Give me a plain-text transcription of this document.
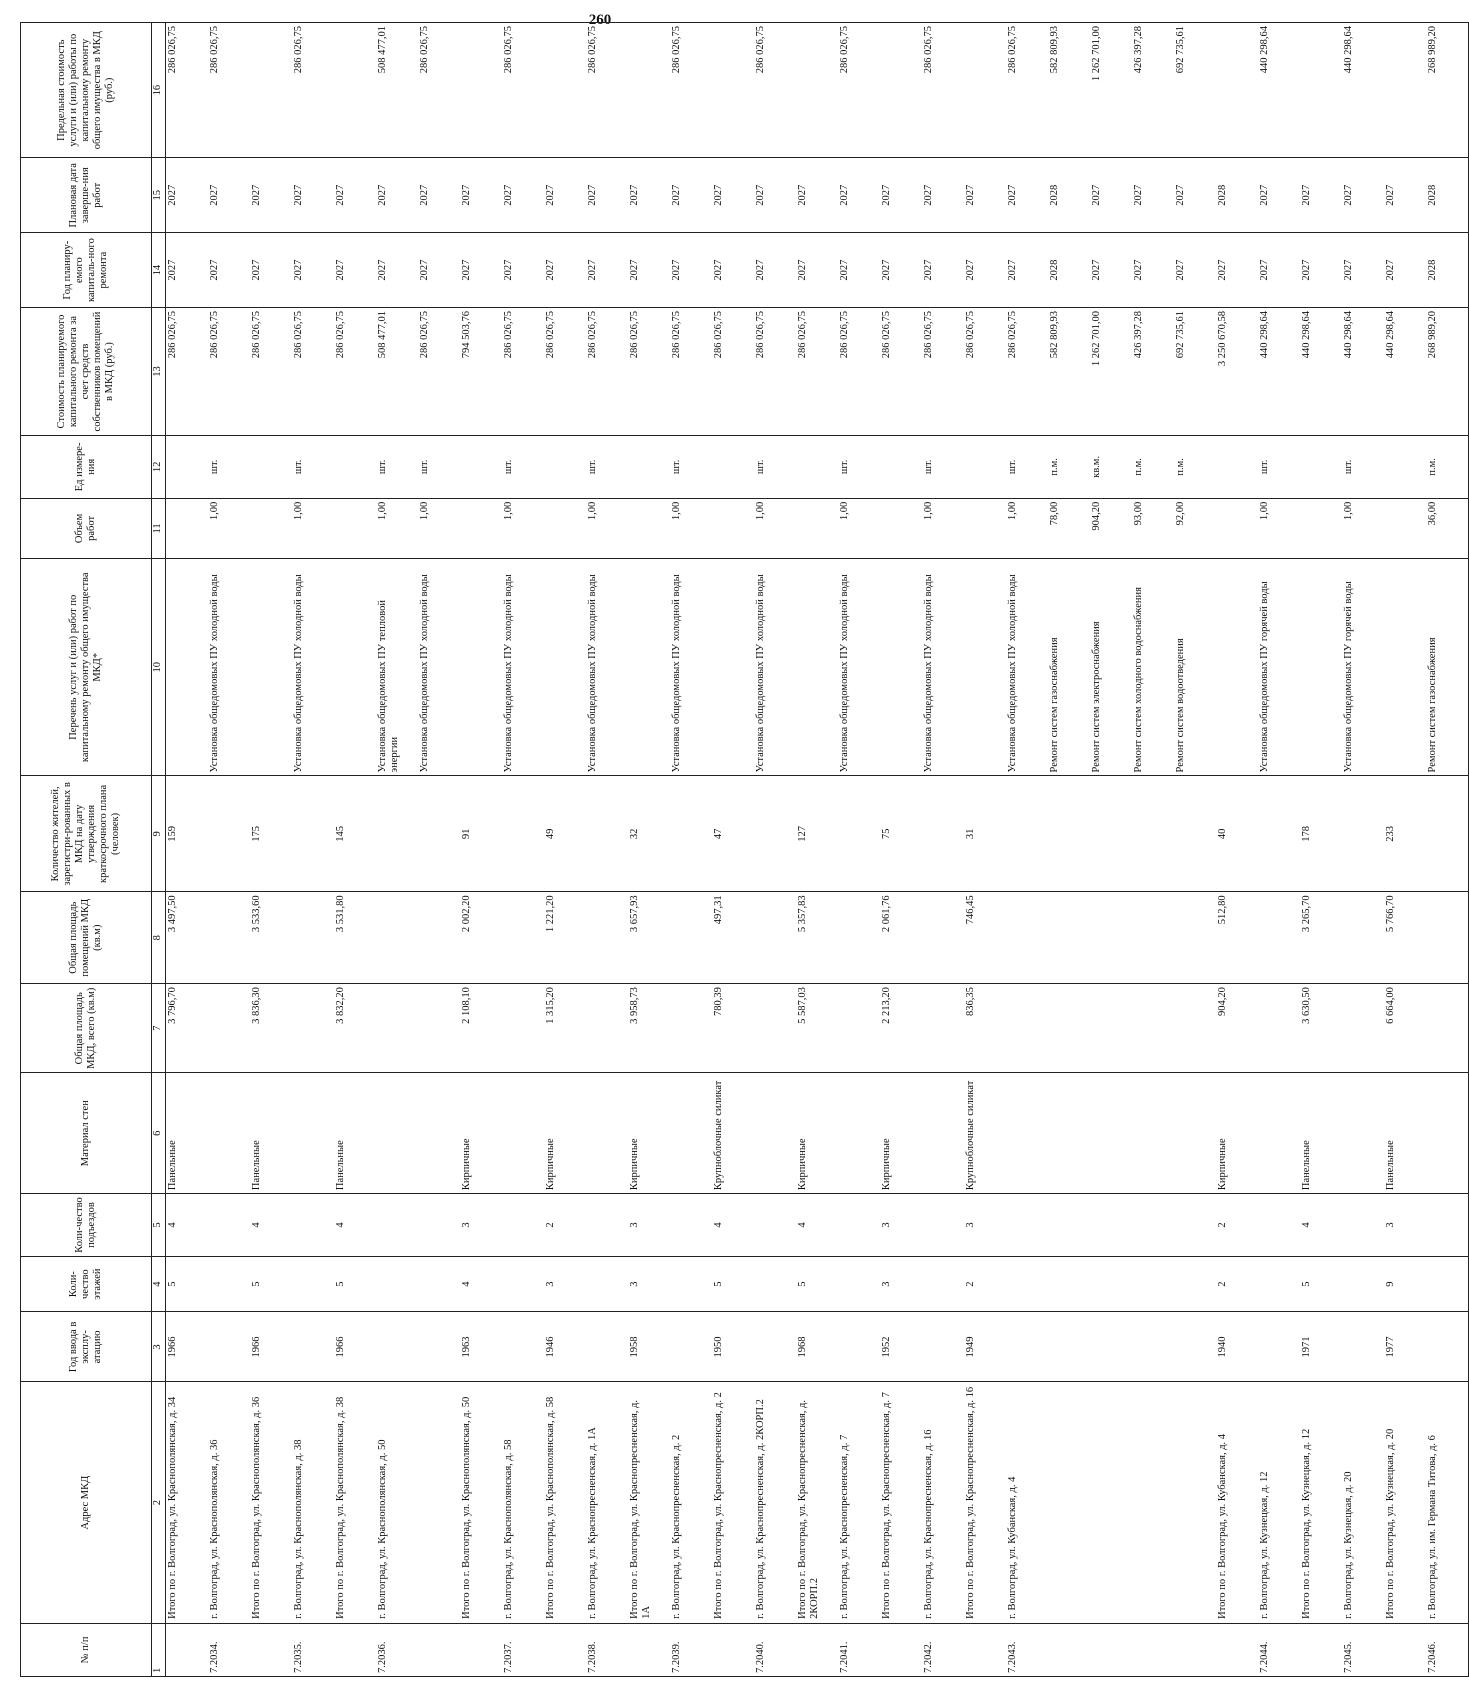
260
№ п/п	Адрес МКД	Год ввода в эксплу-атацию	Коли-чество этажей	Коли-чество подъездов	Материал стен	Общая площадь МКД, всего (кв.м)	Общая площадь помещений МКД (кв.м)	Количество жителей, зарегистри-рованных в МКД на дату утверждения краткосрочного плана (человек)	Перечень услуг и (или) работ по капитальному ремонту общего имущества МКД*	Объем работ	Ед измере-ния	Стоимость планируемого капитального ремонта за счет средств собственников помещений в МКД (руб.)	Год планиру-емого капиталь-ного ремонта	Плановая дата заверше-ния работ	Предельная стоимость услуги и (или) работы по капитальному ремонту общего имущества в МКД (руб.)
1	2	3	4	5	6	7	8	9	10	11	12	13	14	15	16
	Итого по г. Волгоград, ул. Краснополянская, д. 34	1966	5	4	Панельные	3 796,70	3 497,50	159				286 026,75	2027	2027	286 026,75
7.2034.	г. Волгоград, ул. Краснополянская, д. 36								Установка общедомовых ПУ холодной воды	1,00	шт.	286 026,75	2027	2027	286 026,75
	Итого по г. Волгоград, ул. Краснополянская, д. 36	1966	5	4	Панельные	3 836,30	3 533,60	175				286 026,75	2027	2027	
7.2035.	г. Волгоград, ул. Краснополянская, д. 38								Установка общедомовых ПУ холодной воды	1,00	шт.	286 026,75	2027	2027	286 026,75
	Итого по г. Волгоград, ул. Краснополянская, д. 38	1966	5	4	Панельные	3 832,20	3 531,80	145				286 026,75	2027	2027	
7.2036.	г. Волгоград, ул. Краснополянская, д. 50								Установка общедомовых ПУ тепловой энергии	1,00	шт.	508 477,01	2027	2027	508 477,01
									Установка общедомовых ПУ холодной воды	1,00	шт.	286 026,75	2027	2027	286 026,75
	Итого по г. Волгоград, ул. Краснополянская, д. 50	1963	4	3	Кирпичные	2 108,10	2 002,20	91				794 503,76	2027	2027	
7.2037.	г. Волгоград, ул. Краснополянская, д. 58								Установка общедомовых ПУ холодной воды	1,00	шт.	286 026,75	2027	2027	286 026,75
	Итого по г. Волгоград, ул. Краснополянская, д. 58	1946	3	2	Кирпичные	1 315,20	1 221,20	49				286 026,75	2027	2027	
7.2038.	г. Волгоград, ул. Краснопресненская, д. 1А								Установка общедомовых ПУ холодной воды	1,00	шт.	286 026,75	2027	2027	286 026,75
	Итого по г. Волгоград, ул. Краснопресненская, д. 1А	1958	3	3	Кирпичные	3 958,73	3 657,93	32				286 026,75	2027	2027	
7.2039.	г. Волгоград, ул. Краснопресненская, д. 2								Установка общедомовых ПУ холодной воды	1,00	шт.	286 026,75	2027	2027	286 026,75
	Итого по г. Волгоград, ул. Краснопресненская, д. 2	1950	5	4	Крупноблочные силикат	780,39	497,31	47				286 026,75	2027	2027	
7.2040.	г. Волгоград, ул. Краснопресненская, д. 2КОРП.2								Установка общедомовых ПУ холодной воды	1,00	шт.	286 026,75	2027	2027	286 026,75
	Итого по г. Волгоград, ул. Краснопресненская, д. 2КОРП.2	1968	5	4	Кирпичные	5 587,03	5 357,83	127				286 026,75	2027	2027	
7.2041.	г. Волгоград, ул. Краснопресненская, д. 7								Установка общедомовых ПУ холодной воды	1,00	шт.	286 026,75	2027	2027	286 026,75
	Итого по г. Волгоград, ул. Краснопресненская, д. 7	1952	3	3	Кирпичные	2 213,20	2 061,76	75				286 026,75	2027	2027	
7.2042.	г. Волгоград, ул. Краснопресненская, д. 16								Установка общедомовых ПУ холодной воды	1,00	шт.	286 026,75	2027	2027	286 026,75
	Итого по г. Волгоград, ул. Краснопресненская, д. 16	1949	2	3	Крупноблочные силикат	836,35	746,45	31				286 026,75	2027	2027	
7.2043.	г. Волгоград, ул. Кубанская, д. 4								Установка общедомовых ПУ холодной воды	1,00	шт.	286 026,75	2027	2027	286 026,75
									Ремонт систем газоснабжения	78,00	п.м.	582 809,93	2028	2028	582 809,93
									Ремонт систем электроснабжения	904,20	кв.м.	1 262 701,00	2027	2027	1 262 701,00
									Ремонт систем холодного водоснабжения	93,00	п.м.	426 397,28	2027	2027	426 397,28
									Ремонт систем водоотведения	92,00	п.м.	692 735,61	2027	2027	692 735,61
	Итого по г. Волгоград, ул. Кубанская, д. 4	1940	2	2	Кирпичные	904,20	512,80	40				3 250 670,58	2027	2028	
7.2044.	г. Волгоград, ул. Кузнецкая, д. 12								Установка общедомовых ПУ горячей воды	1,00	шт.	440 298,64	2027	2027	440 298,64
	Итого по г. Волгоград, ул. Кузнецкая, д. 12	1971	5	4	Панельные	3 630,50	3 265,70	178				440 298,64	2027	2027	
7.2045.	г. Волгоград, ул. Кузнецкая, д. 20								Установка общедомовых ПУ горячей воды	1,00	шт.	440 298,64	2027	2027	440 298,64
	Итого по г. Волгоград, ул. Кузнецкая, д. 20	1977	9	3	Панельные	6 664,00	5 766,70	233				440 298,64	2027	2027	
7.2046.	г. Волгоград, ул. им. Германа Титова, д. 6								Ремонт систем газоснабжения	36,00	п.м.	268 989,20	2028	2028	268 989,20
